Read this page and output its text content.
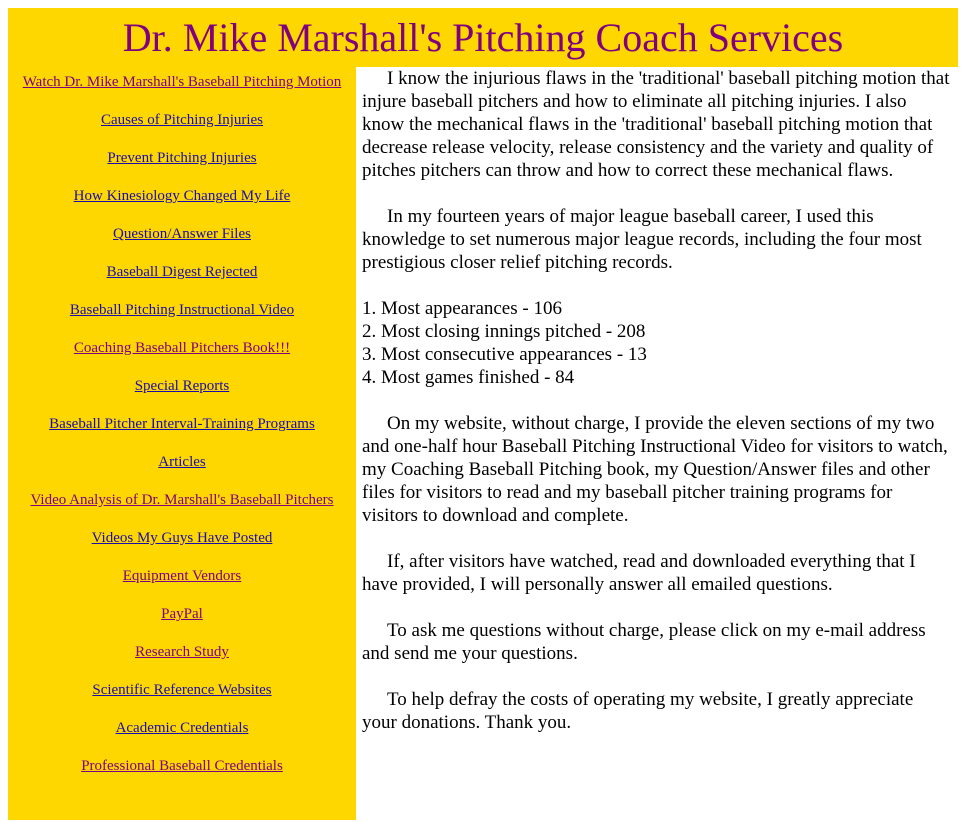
Dr. Mike Marshall's Pitching Coach Services
Watch Dr. Mike Marshall's Baseball Pitching Motion
Causes of Pitching Injuries
Prevent Pitching Injuries
How Kinesiology Changed My Life
Question/Answer Files
Baseball Digest Rejected
Baseball Pitching Instructional Video
Coaching Baseball Pitchers Book!!!
Special Reports
Baseball Pitcher Interval-Training Programs
Articles
Video Analysis of Dr. Marshall's Baseball Pitchers
Videos My Guys Have Posted
Equipment Vendors
PayPal
Research Study
Scientific Reference Websites
Academic Credentials
Professional Baseball Credentials

I know the injurious flaws in the 'traditional' baseball pitching motion that injure baseball pitchers and how to eliminate all pitching injuries. I also know the mechanical flaws in the 'traditional' baseball pitching motion that decrease release velocity, release consistency and the variety and quality of pitches pitchers can throw and how to correct these mechanical flaws.

In my fourteen years of major league baseball career, I used this knowledge to set numerous major league records, including the four most prestigious closer relief pitching records.

1. Most appearances - 106
2. Most closing innings pitched - 208
3. Most consecutive appearances - 13
4. Most games finished - 84

On my website, without charge, I provide the eleven sections of my two and one-half hour Baseball Pitching Instructional Video for visitors to watch, my Coaching Baseball Pitching book, my Question/Answer files and other files for visitors to read and my baseball pitcher training programs for visitors to download and complete.

If, after visitors have watched, read and downloaded everything that I have provided, I will personally answer all emailed questions.

To ask me questions without charge, please click on my e-mail address and send me your questions.

To help defray the costs of operating my website, I greatly appreciate your donations. Thank you.
